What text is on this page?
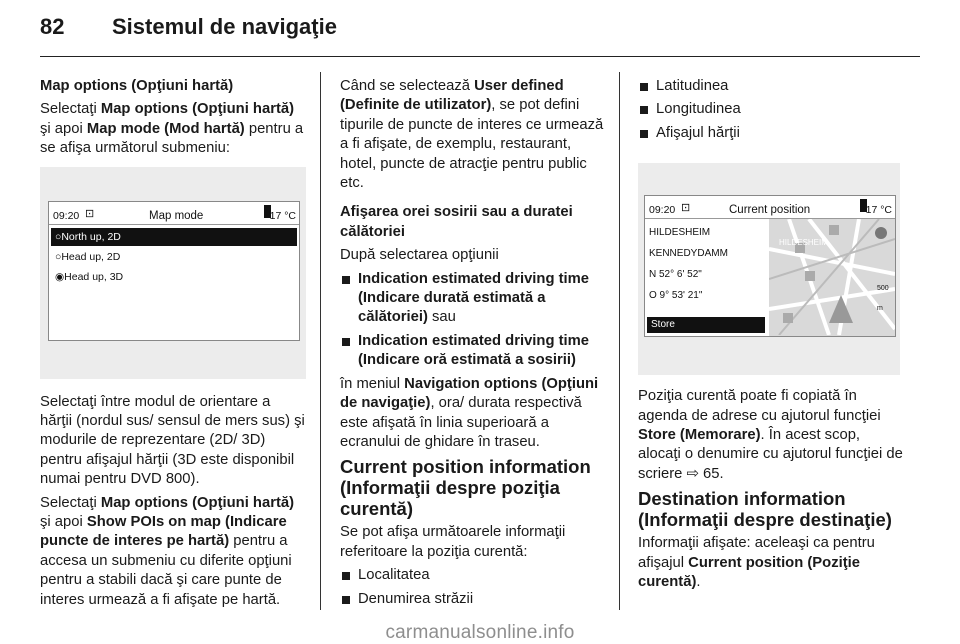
82 Sistemul de navigaţie

Map options (Opţiuni hartă)

Selectaţi Map options (Opţiuni hartă) şi apoi Map mode (Mod hartă) pentru a se afişa următorul submeniu:

09:20 ⊡	Map mode	17 °C
○North up, 2D
○Head up, 2D
◉Head up, 3D

Selectaţi între modul de orientare a hărţii (nordul sus/ sensul de mers sus) şi modurile de reprezentare (2D/ 3D) pentru afişajul hărţii (3D este disponibil numai pentru DVD 800).

Selectaţi Map options (Opţiuni hartă) şi apoi Show POIs on map (Indicare puncte de interes pe hartă) pentru a accesa un submeniu cu diferite opţiuni pentru a stabili dacă şi care punte de interes urmează a fi afişate pe hartă.

Când se selectează User defined (Definite de utilizator), se pot defini tipurile de puncte de interes ce urmează a fi afişate, de exemplu, restaurant, hotel, puncte de atracţie pentru public etc.

Afişarea orei sosirii sau a duratei călătoriei

După selectarea opţiunii

Indication estimated driving time (Indicare durată estimată a călătoriei) sau

Indication estimated driving time (Indicare oră estimată a sosirii)

în meniul Navigation options (Opţiuni de navigaţie), ora/ durata respectivă este afişată în linia superioară a ecranului de ghidare în traseu.

Current position information (Informaţii despre poziţia curentă)

Se pot afişa următoarele informaţii referitoare la poziţia curentă:

Localitatea

Denumirea străzii

Latitudinea

Longitudinea

Afişajul hărţii

09:20 ⊡	Current position	17 °C
HILDESHEIM
KENNEDYDAMM
N 52° 6' 52"
O 9° 53' 21"
Store
HILDESHEIM
500 m

Poziţia curentă poate fi copiată în agenda de adrese cu ajutorul funcţiei Store (Memorare). În acest scop, alocaţi o denumire cu ajutorul funcţiei de scriere ⇨ 65.

Destination information (Informaţii despre destinaţie)

Informaţii afişate: aceleaşi ca pentru afişajul Current position (Poziţie curentă).

carmanualsonline.info
